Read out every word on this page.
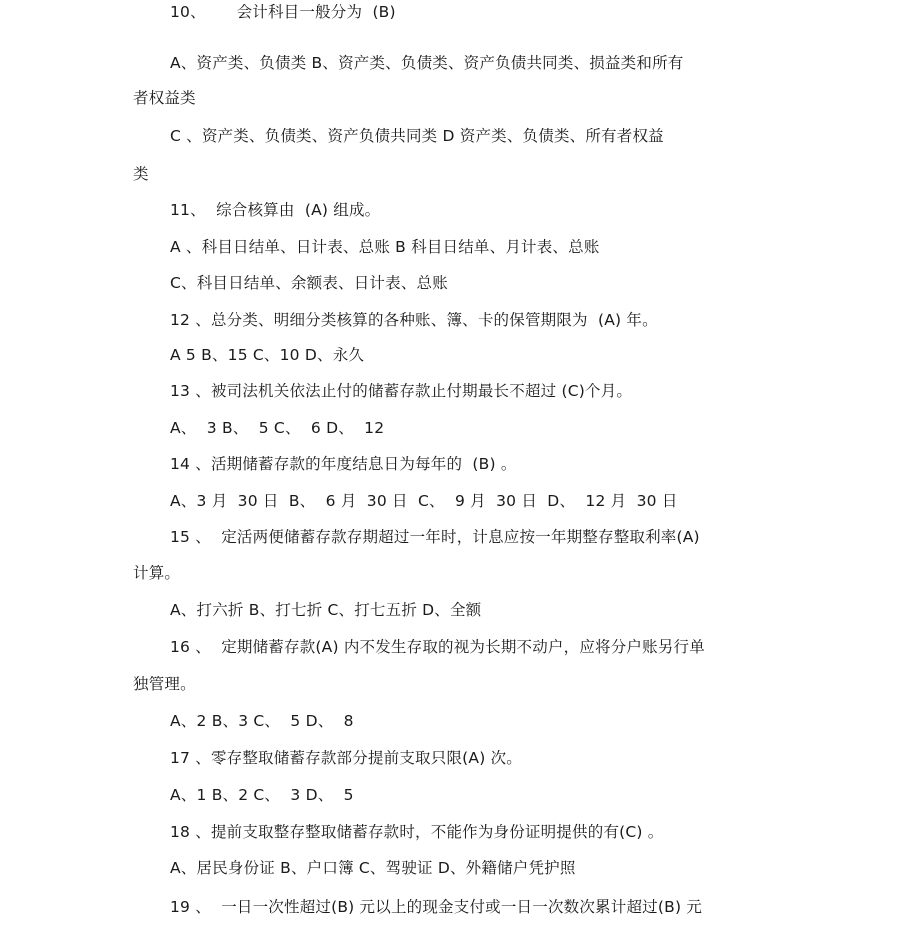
10、      会计科目一般分为  (B)
A、资产类、负债类 B、资产类、负债类、资产负债共同类、损益类和所有
者权益类
C 、资产类、负债类、资产负债共同类 D 资产类、负债类、所有者权益
类
11、  综合核算由  (A) 组成。
A 、科目日结单、日计表、总账 B 科目日结单、月计表、总账
C、科目日结单、余额表、日计表、总账
12 、总分类、明细分类核算的各种账、簿、卡的保管期限为  (A) 年。
A 5 B、15 C、10 D、永久
13 、被司法机关依法止付的储蓄存款止付期最长不超过 (C)个月。
A、  3 B、  5 C、  6 D、  12
14 、活期储蓄存款的年度结息日为每年的  (B) 。
A、3 月  30 日  B、  6 月  30 日  C、  9 月  30 日  D、  12 月  30 日
15 、  定活两便储蓄存款存期超过一年时，计息应按一年期整存整取利率(A)
计算。
A、打六折 B、打七折 C、打七五折 D、全额
16 、  定期储蓄存款(A) 内不发生存取的视为长期不动户，应将分户账另行单
独管理。
A、2 B、3 C、  5 D、  8
17 、零存整取储蓄存款部分提前支取只限(A) 次。
A、1 B、2 C、  3 D、  5
18 、提前支取整存整取储蓄存款时，不能作为身份证明提供的有(C) 。
A、居民身份证 B、户口簿 C、驾驶证 D、外籍储户凭护照
19 、  一日一次性超过(B) 元以上的现金支付或一日一次数次累计超过(B) 元
